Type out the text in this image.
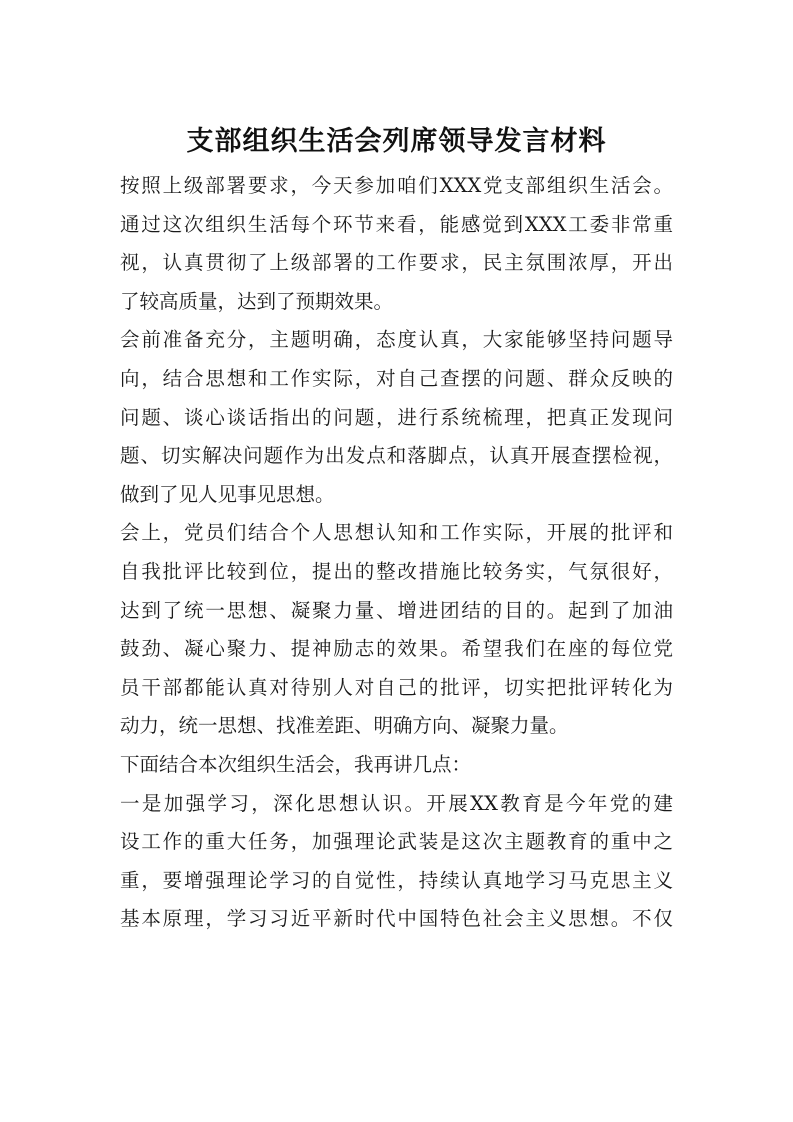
支部组织生活会列席领导发言材料

按照上级部署要求，今天参加咱们XXX党支部组织生活会。
通过这次组织生活每个环节来看，能感觉到XXX工委非常重
视，认真贯彻了上级部署的工作要求，民主氛围浓厚，开出
了较高质量，达到了预期效果。

会前准备充分，主题明确，态度认真，大家能够坚持问题导
向，结合思想和工作实际，对自己查摆的问题、群众反映的
问题、谈心谈话指出的问题，进行系统梳理，把真正发现问
题、切实解决问题作为出发点和落脚点，认真开展查摆检视，
做到了见人见事见思想。

会上，党员们结合个人思想认知和工作实际，开展的批评和
自我批评比较到位，提出的整改措施比较务实，气氛很好，
达到了统一思想、凝聚力量、增进团结的目的。起到了加油
鼓劲、凝心聚力、提神励志的效果。希望我们在座的每位党
员干部都能认真对待别人对自己的批评，切实把批评转化为
动力，统一思想、找准差距、明确方向、凝聚力量。

下面结合本次组织生活会，我再讲几点：

一是加强学习，深化思想认识。开展XX教育是今年党的建
设工作的重大任务，加强理论武装是这次主题教育的重中之
重，要增强理论学习的自觉性，持续认真地学习马克思主义
基本原理，学习习近平新时代中国特色社会主义思想。不仅
